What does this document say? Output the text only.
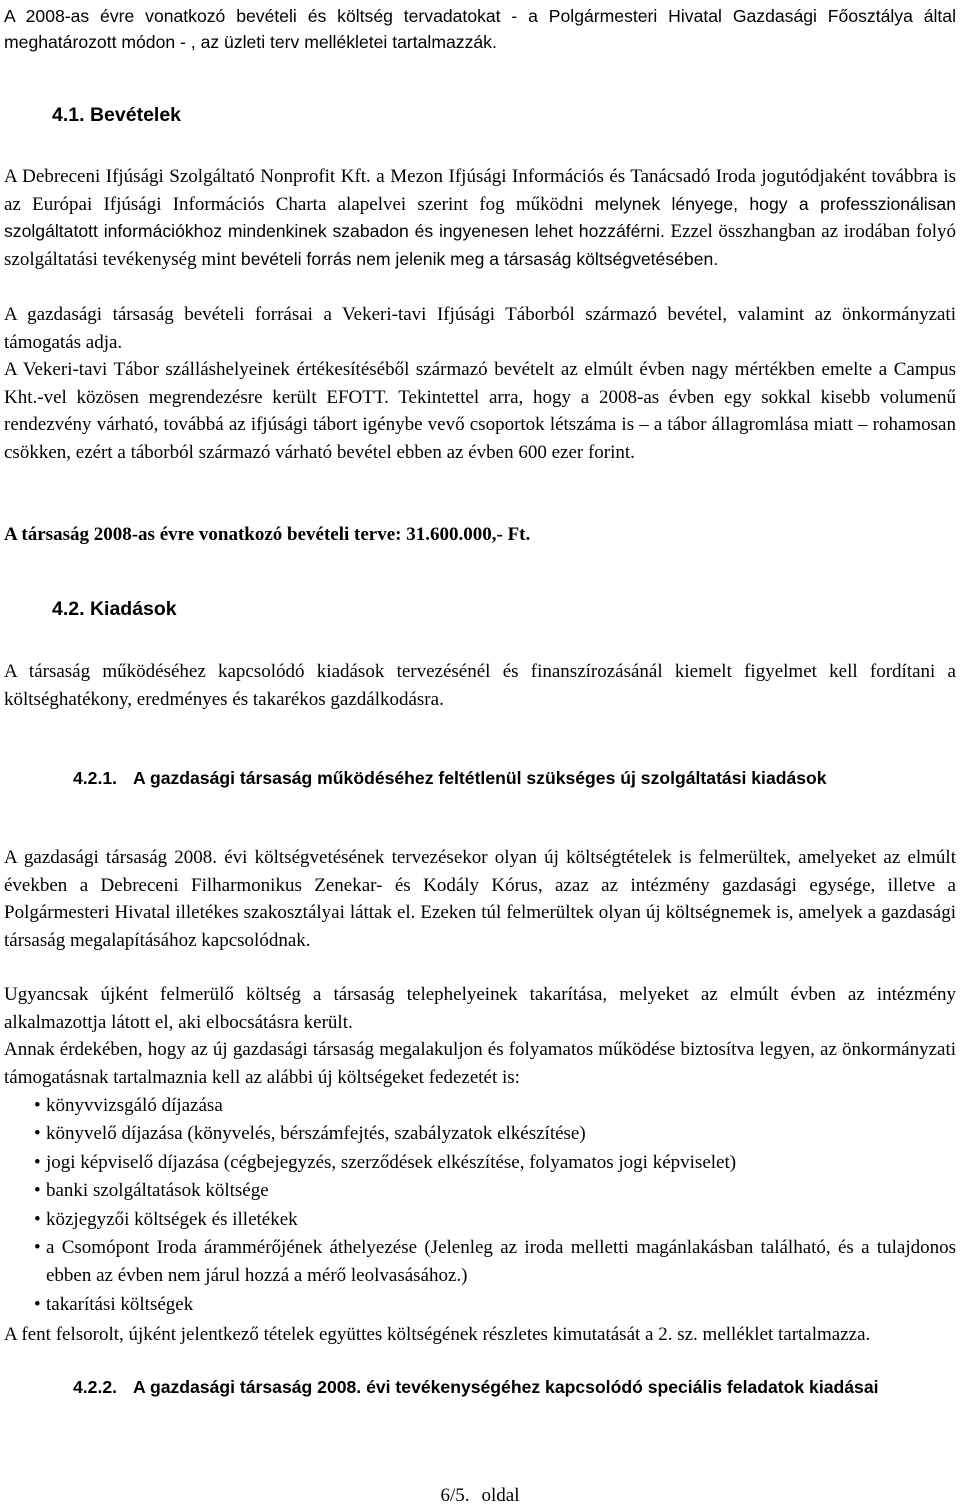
A 2008-as évre vonatkozó bevételi és költség tervadatokat - a Polgármesteri Hivatal Gazdasági Főosztálya által meghatározott módon - , az üzleti terv mellékletei tartalmazzák.

4.1. Bevételek

A Debreceni Ifjúsági Szolgáltató Nonprofit Kft. a Mezon Ifjúsági Információs és Tanácsadó Iroda jogutódjaként továbbra is az Európai Ifjúsági Információs Charta alapelvei szerint fog működni melynek lényege, hogy a professzionálisan szolgáltatott információkhoz mindenkinek szabadon és ingyenesen lehet hozzáférni. Ezzel összhangban az irodában folyó szolgáltatási tevékenység mint bevételi forrás nem jelenik meg a társaság költségvetésében.

A gazdasági társaság bevételi forrásai a Vekeri-tavi Ifjúsági Táborból származó bevétel, valamint az önkormányzati támogatás adja.

A Vekeri-tavi Tábor szálláshelyeinek értékesítéséből származó bevételt az elmúlt évben nagy mértékben emelte a Campus Kht.-vel közösen megrendezésre került EFOTT. Tekintettel arra, hogy a 2008-as évben egy sokkal kisebb volumenű rendezvény várható, továbbá az ifjúsági tábort igénybe vevő csoportok létszáma is – a tábor állagromlása miatt – rohamosan csökken, ezért a táborból származó várható bevétel ebben az évben 600 ezer forint.

A társaság 2008-as évre vonatkozó bevételi terve: 31.600.000,- Ft.

4.2. Kiadások

A társaság működéséhez kapcsolódó kiadások tervezésénél és finanszírozásánál kiemelt figyelmet kell fordítani a költséghatékony, eredményes és takarékos gazdálkodásra.

4.2.1. A gazdasági társaság működéséhez feltétlenül szükséges új szolgáltatási kiadások

A gazdasági társaság 2008. évi költségvetésének tervezésekor olyan új költségtételek is felmerültek, amelyeket az elmúlt években a Debreceni Filharmonikus Zenekar- és Kodály Kórus, azaz az intézmény gazdasági egysége, illetve a Polgármesteri Hivatal illetékes szakosztályai láttak el. Ezeken túl felmerültek olyan új költségnemek is, amelyek a gazdasági társaság megalapításához kapcsolódnak.

Ugyancsak újként felmerülő költség a társaság telephelyeinek takarítása, melyeket az elmúlt évben az intézmény alkalmazottja látott el, aki elbocsátásra került.

Annak érdekében, hogy az új gazdasági társaság megalakuljon és folyamatos működése biztosítva legyen, az önkormányzati támogatásnak tartalmaznia kell az alábbi új költségeket fedezetét is:

• könyvvizsgáló díjazása
• könyvelő díjazása (könyvelés, bérszámfejtés, szabályzatok elkészítése)
• jogi képviselő díjazása (cégbejegyzés, szerződések elkészítése, folyamatos jogi képviselet)
• banki szolgáltatások költsége
• közjegyzői költségek és illetékek
• a Csomópont Iroda árammérőjének áthelyezése (Jelenleg az iroda melletti magánlakásban található, és a tulajdonos ebben az évben nem járul hozzá a mérő leolvasásához.)
• takarítási költségek

A fent felsorolt, újként jelentkező tételek együttes költségének részletes kimutatását a 2. sz. melléklet tartalmazza.

4.2.2. A gazdasági társaság 2008. évi tevékenységéhez kapcsolódó speciális feladatok kiadásai
6/5. oldal
